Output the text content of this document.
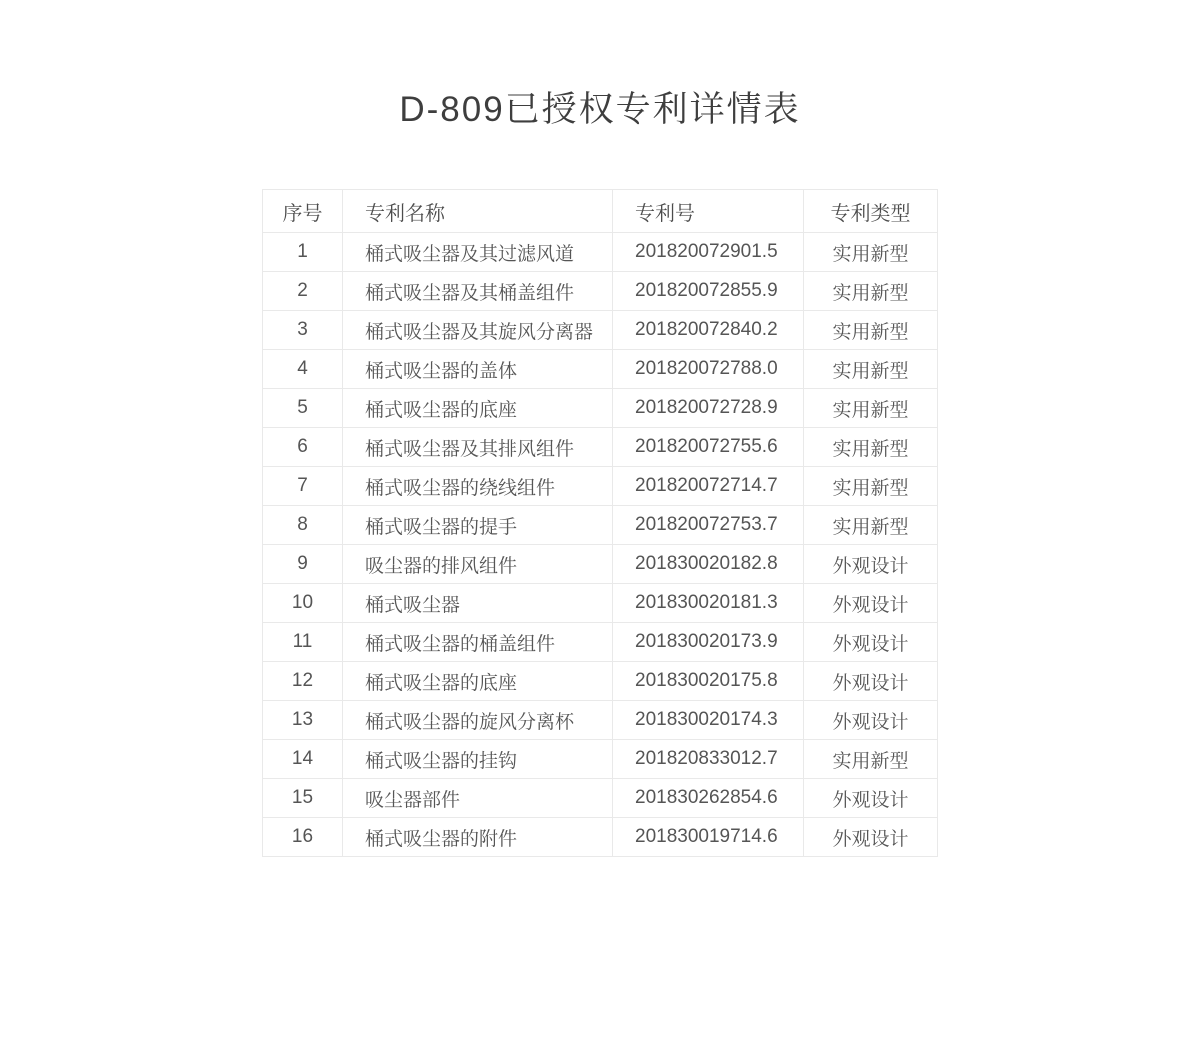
D-809已授权专利详情表
序号	专利名称	专利号	专利类型
1	桶式吸尘器及其过滤风道	201820072901.5	实用新型
2	桶式吸尘器及其桶盖组件	201820072855.9	实用新型
3	桶式吸尘器及其旋风分离器	201820072840.2	实用新型
4	桶式吸尘器的盖体	201820072788.0	实用新型
5	桶式吸尘器的底座	201820072728.9	实用新型
6	桶式吸尘器及其排风组件	201820072755.6	实用新型
7	桶式吸尘器的绕线组件	201820072714.7	实用新型
8	桶式吸尘器的提手	201820072753.7	实用新型
9	吸尘器的排风组件	201830020182.8	外观设计
10	桶式吸尘器	201830020181.3	外观设计
11	桶式吸尘器的桶盖组件	201830020173.9	外观设计
12	桶式吸尘器的底座	201830020175.8	外观设计
13	桶式吸尘器的旋风分离杯	201830020174.3	外观设计
14	桶式吸尘器的挂钩	201820833012.7	实用新型
15	吸尘器部件	201830262854.6	外观设计
16	桶式吸尘器的附件	201830019714.6	外观设计
